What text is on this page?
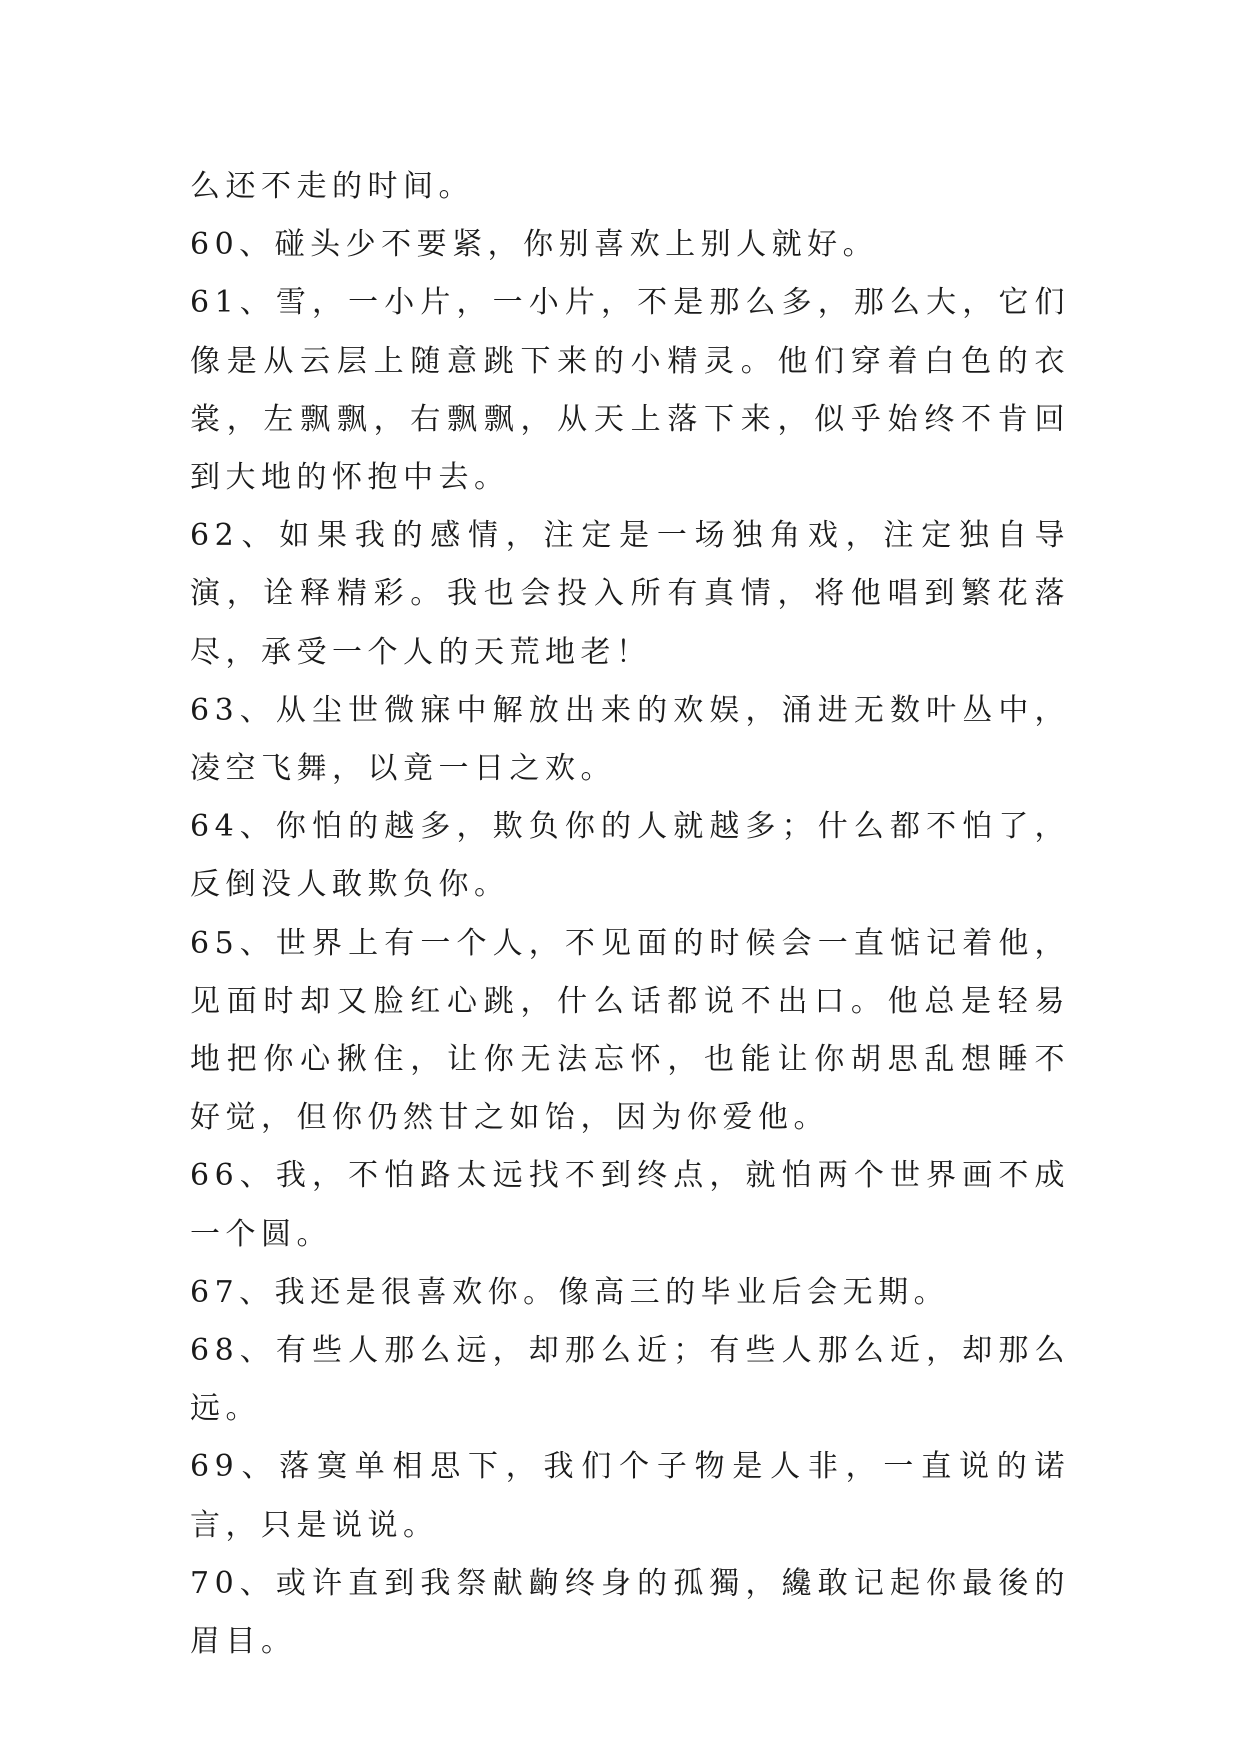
么还不走的时间。

60、碰头少不要紧，你别喜欢上别人就好。

61、雪，一小片，一小片，不是那么多，那么大，它们像是从云层上随意跳下来的小精灵。他们穿着白色的衣裳，左飘飘，右飘飘，从天上落下来，似乎始终不肯回到大地的怀抱中去。

62、如果我的感情，注定是一场独角戏，注定独自导演，诠释精彩。我也会投入所有真情，将他唱到繁花落尽，承受一个人的天荒地老！

63、从尘世微寐中解放出来的欢娱，涌进无数叶丛中，凌空飞舞，以竟一日之欢。

64、你怕的越多，欺负你的人就越多；什么都不怕了，反倒没人敢欺负你。

65、世界上有一个人，不见面的时候会一直惦记着他，见面时却又脸红心跳，什么话都说不出口。他总是轻易地把你心揪住，让你无法忘怀，也能让你胡思乱想睡不好觉，但你仍然甘之如饴，因为你爱他。

66、我，不怕路太远找不到终点，就怕两个世界画不成一个圆。

67、我还是很喜欢你。像高三的毕业后会无期。

68、有些人那么远，却那么近；有些人那么近，却那么远。

69、落寞单相思下，我们个子物是人非，一直说的诺言，只是说说。

70、或许直到我祭献齣终身的孤獨，纔敢记起你最後的眉目。
